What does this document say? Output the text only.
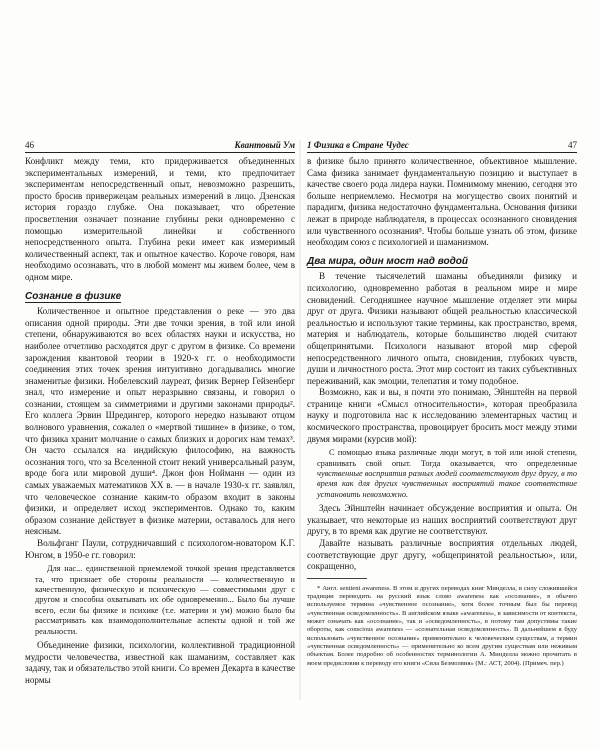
46	Квантовый Ум

Конфликт между теми, кто придерживается объединенных экспериментальных измерений, и теми, кто предпочитает экспериментам непосредственный опыт, невозможно разрешить, просто бросив привержецам реальных измерений в лицо. Дзенская история гораздо глубже. Она показывает, что обретение просветления означает познание глубины реки одновременно с помощью измерительной линейки и собственного непосредственного опыта. Глубина реки имеет как измеримый количественный аспект, так и опытное качество. Короче говоря, нам необходимо осознавать, что в любой момент мы живем более, чем в одном мире.

Сознание в физике

Количественное и опытное представления о реке — это два описания одной природы. Эти две точки зрения, в той или иной степени, обнаруживаются во всех областях науки и искусства, но наиболее отчетливо расходятся друг с другом в физике. Со времени зарождения квантовой теории в 1920-х гг. о необходимости соединения этих точек зрения интуитивно догадывались многие знаменитые физики. Нобелевский лауреат, физик Вернер Гейзенберг знал, что измерение и опыт неразрывно связаны, и говорил о сознании, стоящем за симметриями и другими законами природы². Его коллега Эрвин Шредингер, которого нередко называют отцом волнового уравнения, сожалел о «мертвой тишине» в физике, о том, что физика хранит молчание о самых близких и дорогих нам темах³. Он часто ссылался на индийскую философию, на важность осознания того, что за Вселенной стоит некий универсальный разум, вроде бога или мировой души⁴. Джон фон Нойманн — один из самых уважаемых математиков XX в. — в начале 1930-х гг. заявлял, что человеческое сознание каким-то образом входит в законы физики, и определяет исход экспериментов. Однако то, каким образом сознание действует в физике материи, оставалось для него неясным.

Вольфганг Паули, сотрудничавший с психологом-новатором К.Г. Юнгом, в 1950-е гг. говорил:

Для нас... единственной приемлемой точкой зрения представляется та, что признает обе стороны реальности — количественную и качественную, физическую и психическую — совместимыми друг с другом и способна охватывать их обе одновременно... Было бы лучше всего, если бы физике и психике (т.е. материи и ум) можно было бы рассматривать как взаимодополнительные аспекты одной и той же реальности.

Объединение физики, психологии, коллективной традиционной мудрости человечества, известной как шаманизм, составляет как задачу, так и обязательство этой книги. Со времен Декарта в качестве нормы

1 Физика в Стране Чудес	47

в физике было принято количественное, объективное мышление. Сама физика занимает фундаментальную позицию и выступает в качестве своего рода лидера науки. Помнимому мнению, сегодня это больше неприемлемо. Несмотря на могущество своих понятий и парадигм, физика недостаточно фундаментальна. Основания физики лежат в природе наблюдателя, в процессах осознанного сновидения или чувственного осознания⁵. Чтобы больше узнать об этом, физике необходим союз с психологией и шаманизмом.

Два мира, один мост над водой

В течение тысячелетий шаманы объединяли физику и психологию, одновременно работая в реальном мире и мире сновидений. Сегодняшнее научное мышление отделяет эти миры друг от друга. Физики называют общей реальностью классической реальностью и используют такие термины, как пространство, время, материя и наблюдатель, которые большинство людей считают общепринятыми. Психологи называют второй мир сферой непосредственного личного опыта, сновидения, глубоких чувств, души и личностного роста. Этот мир состоит из таких субъективных переживаний, как эмоции, телепатия и тому подобное.

Возможно, как и вы, я почти это понимаю, Эйнштейн на первой странице книги «Смысл относительности», которая преобразила науку и подготовила нас к исследованию элементарных частиц и космического пространства, провоцирует бросить мост между этими двумя мирами (курсив мой):

С помощью языка различные люди могут, в той или иной степени, сравнивать свой опыт. Тогда оказывается, что определенные чувственные восприятия разных людей соответствуют друг другу, в то время как для других чувственных восприятий такое соответствие установить невозможно.

Здесь Эйнштейн начинает обсуждение восприятия и опыта. Он указывает, что некоторые из наших восприятий соответствуют друг другу, в то время как другие не соответствуют.

Давайте называть различные восприятия отдельных людей, соответствующие друг другу, «общепринятой реальностью», или, сокращенно,

* Англ. sentient awareness. В этом и других переводах книг Минделла, в силу сложившейся традиции переводить на русский язык слово awareness как «осознание», в обычно используемое термина «чувственное осознание», хотя более точным был бы перевод «чувственная осведомленность». В английском языке «awareness», в зависимости от контекста, может означать как «осознание», так и «осведомленность», в потому там допустимы такие обороты, как conscious awareness — «сознательная осведомленность». В дальнейшем я буду использовать «чувственное осознание» применительно к человеческим существам, а термин «чувственная осведомленность» — применительно ко всем другим существам или неживым объектам. Более подробно об особенностях терминологии А. Минделла можно прочитать в моем предисловии к переводу его книги «Сила Безмолвия» (М.: АСТ, 2004). (Примеч. пер.)
